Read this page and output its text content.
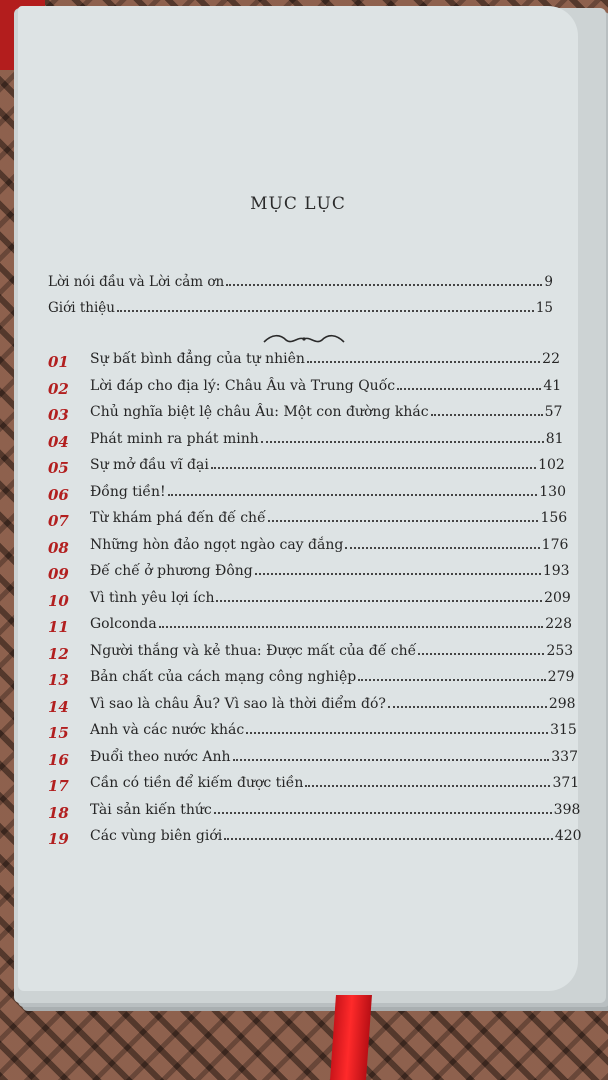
MỤC LỤC
Lời nói đầu và Lời cảm ơn	9
Giới thiệu	15
01 Sự bất bình đẳng của tự nhiên	22
02 Lời đáp cho địa lý: Châu Âu và Trung Quốc	41
03 Chủ nghĩa biệt lệ châu Âu: Một con đường khác	57
04 Phát minh ra phát minh	81
05 Sự mở đầu vĩ đại	102
06 Đồng tiền!	130
07 Từ khám phá đến đế chế	156
08 Những hòn đảo ngọt ngào cay đắng	176
09 Đế chế ở phương Đông	193
10 Vì tình yêu lợi ích	209
11 Golconda	228
12 Người thắng và kẻ thua: Được mất của đế chế	253
13 Bản chất của cách mạng công nghiệp	279
14 Vì sao là châu Âu? Vì sao là thời điểm đó?	298
15 Anh và các nước khác	315
16 Đuổi theo nước Anh	337
17 Cần có tiền để kiếm được tiền	371
18 Tài sản kiến thức	398
19 Các vùng biên giới	420
